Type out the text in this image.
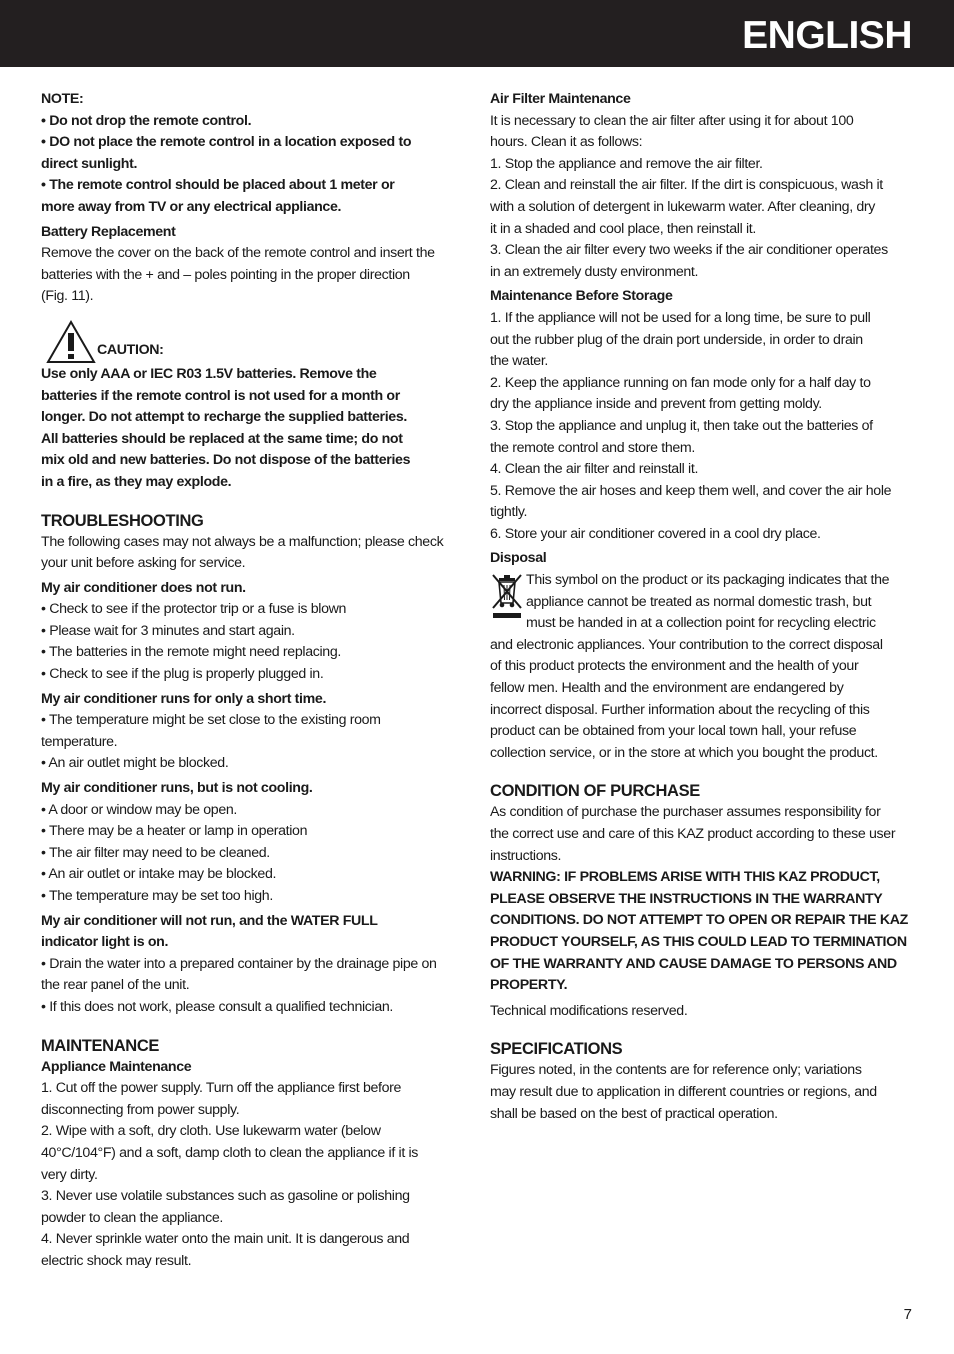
ENGLISH
NOTE:
• Do not drop the remote control.
• DO not place the remote control in a location exposed to
direct sunlight.
• The remote control should be placed about 1 meter or
more away from TV or any electrical appliance.
Battery Replacement
Remove the cover on the back of the remote control and insert the
batteries with the + and – poles pointing in the proper direction
(Fig. 11).
CAUTION:
Use only AAA or IEC R03 1.5V batteries. Remove the
batteries if the remote control is not used for a month or
longer. Do not attempt to recharge the supplied batteries.
All batteries should be replaced at the same time; do not
mix old and new batteries. Do not dispose of the batteries
in a fire, as they may explode.
TROUBLESHOOTING
The following cases may not always be a malfunction; please check
your unit before asking for service.
My air conditioner does not run.
• Check to see if the protector trip or a fuse is blown
• Please wait for 3 minutes and start again.
• The batteries in the remote might need replacing.
• Check to see if the plug is properly plugged in.
My air conditioner runs for only a short time.
• The temperature might be set close to the existing room
temperature.
• An air outlet might be blocked.
My air conditioner runs, but is not cooling.
• A door or window may be open.
• There may be a heater or lamp in operation
• The air filter may need to be cleaned.
• An air outlet or intake may be blocked.
• The temperature may be set too high.
My air conditioner will not run, and the WATER FULL
indicator light is on.
• Drain the water into a prepared container by the drainage pipe on
the rear panel of the unit.
• If this does not work, please consult a qualified technician.
MAINTENANCE
Appliance Maintenance
1. Cut off the power supply. Turn off the appliance first before
disconnecting from power supply.
2. Wipe with a soft, dry cloth. Use lukewarm water (below
40°C/104°F) and a soft, damp cloth to clean the appliance if it is
very dirty.
3. Never use volatile substances such as gasoline or polishing
powder to clean the appliance.
4. Never sprinkle water onto the main unit. It is dangerous and
electric shock may result.
Air Filter Maintenance
It is necessary to clean the air filter after using it for about 100
hours. Clean it as follows:
1. Stop the appliance and remove the air filter.
2. Clean and reinstall the air filter. If the dirt is conspicuous, wash it
with a solution of detergent in lukewarm water. After cleaning, dry
it in a shaded and cool place, then reinstall it.
3. Clean the air filter every two weeks if the air conditioner operates
in an extremely dusty environment.
Maintenance Before Storage
1. If the appliance will not be used for a long time, be sure to pull
out the rubber plug of the drain port underside, in order to drain
the water.
2. Keep the appliance running on fan mode only for a half day to
dry the appliance inside and prevent from getting moldy.
3. Stop the appliance and unplug it, then take out the batteries of
the remote control and store them.
4. Clean the air filter and reinstall it.
5. Remove the air hoses and keep them well, and cover the air hole
tightly.
6. Store your air conditioner covered in a cool dry place.
Disposal
This symbol on the product or its packaging indicates that the
appliance cannot be treated as normal domestic trash, but
must be handed in at a collection point for recycling electric
and electronic appliances. Your contribution to the correct disposal
of this product protects the environment and the health of your
fellow men. Health and the environment are endangered by
incorrect disposal. Further information about the recycling of this
product can be obtained from your local town hall, your refuse
collection service, or in the store at which you bought the product.
CONDITION OF PURCHASE
As condition of purchase the purchaser assumes responsibility for
the correct use and care of this KAZ product according to these user
instructions.
WARNING: IF PROBLEMS ARISE WITH THIS KAZ PRODUCT,
PLEASE OBSERVE THE INSTRUCTIONS IN THE WARRANTY
CONDITIONS. DO NOT ATTEMPT TO OPEN OR REPAIR THE KAZ
PRODUCT YOURSELF, AS THIS COULD LEAD TO TERMINATION
OF THE WARRANTY AND CAUSE DAMAGE TO PERSONS AND
PROPERTY.
Technical modifications reserved.
SPECIFICATIONS
Figures noted, in the contents are for reference only; variations
may result due to application in different countries or regions, and
shall be based on the best of practical operation.
7
